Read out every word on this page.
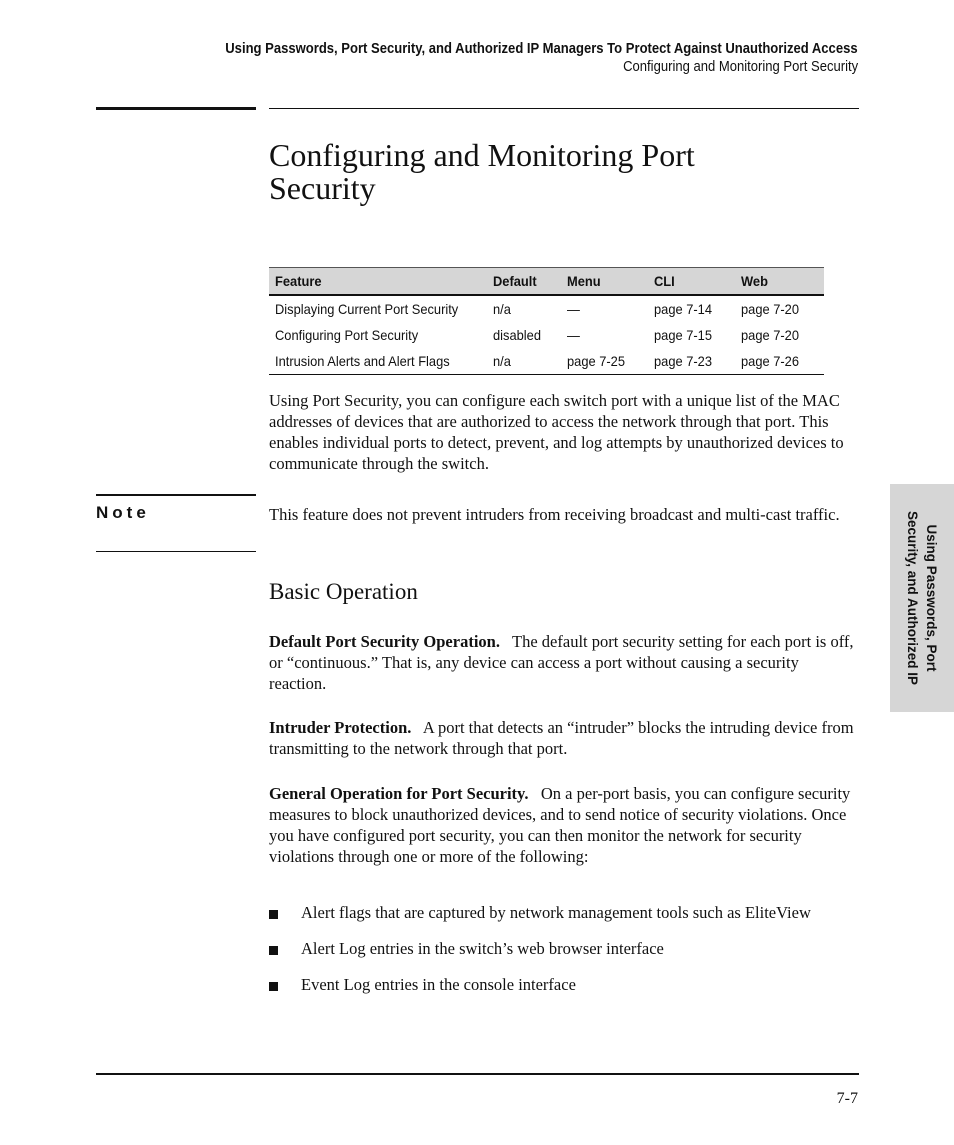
Using Passwords, Port Security, and Authorized IP Managers To Protect Against Unauthorized Access
Configuring and Monitoring Port Security
Configuring and Monitoring Port
Security
Feature	Default	Menu	CLI	Web
Displaying Current Port Security	n/a	—	page 7-14	page 7-20
Configuring Port Security	disabled	—	page 7-15	page 7-20
Intrusion Alerts and Alert Flags	n/a	page 7-25	page 7-23	page 7-26

Using Port Security, you can configure each switch port with a unique list of the MAC addresses of devices that are authorized to access the network through that port. This enables individual ports to detect, prevent, and log attempts by unauthorized devices to communicate through the switch.

Note	This feature does not prevent intruders from receiving broadcast and multi-cast traffic.

Basic Operation

Default Port Security Operation. The default port security setting for each port is off, or “continuous.” That is, any device can access a port without causing a security reaction.

Intruder Protection. A port that detects an “intruder” blocks the intruding device from transmitting to the network through that port.

General Operation for Port Security. On a per-port basis, you can configure security measures to block unauthorized devices, and to send notice of security violations. Once you have configured port security, you can then monitor the network for security violations through one or more of the following:

Alert flags that are captured by network management tools such as EliteView
Alert Log entries in the switch’s web browser interface
Event Log entries in the console interface
Using Passwords, Port
Security, and Authorized IP
7-7
